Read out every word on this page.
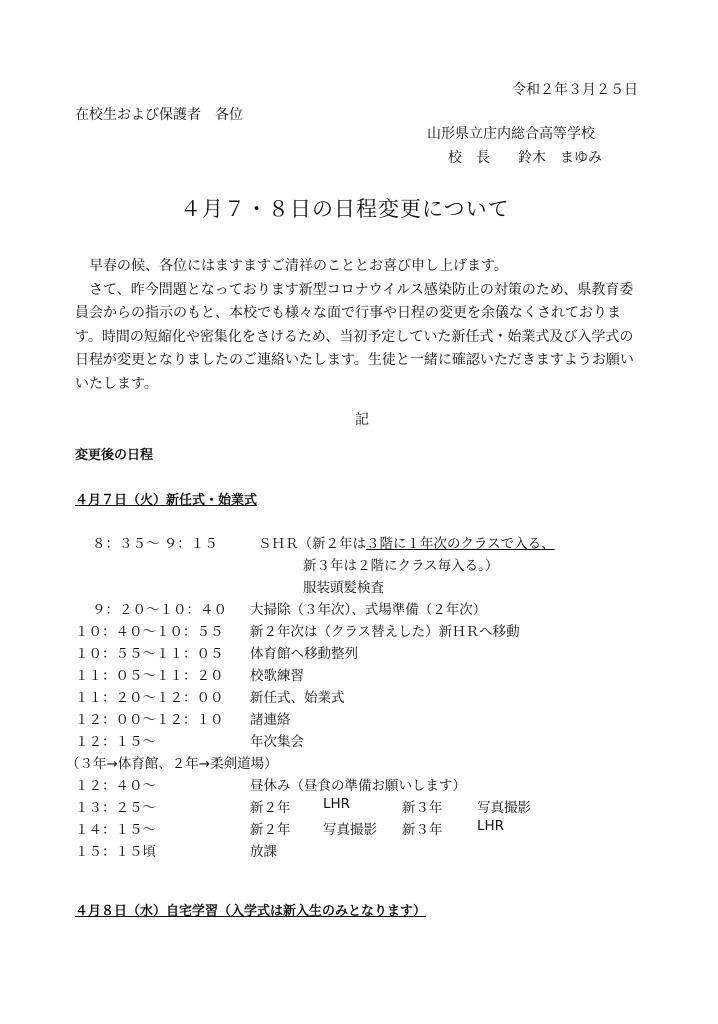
令和２年３月２５日
在校生および保護者　各位
山形県立庄内総合高等学校
校　長　　鈴木　まゆみ
４月７・８日の日程変更について

早春の候、各位にはますますご清祥のこととお喜び申し上げます。

さて、昨今問題となっております新型コロナウイルス感染防止の対策のため、県教育委員会からの指示のもと、本校でも様々な面で行事や日程の変更を余儀なくされております。時間の短縮化や密集化をさけるため、当初予定していた新任式・始業式及び入学式の日程が変更となりましたのご連絡いたします。生徒と一緒に確認いただきますようお願いいたします。

記
変更後の日程
４月７日（火）新任式・始業式
８：３５～ ９：１５	ＳＨＲ（新２年は３階に１年次のクラスで入る、
新３年は２階にクラス毎入る。）
服装頭髪検査
９：２０～１０：４０ 大掃除（３年次）、式場準備（２年次）
１０：４０～１０：５５ 新２年次は（クラス替えした）新ＨＲへ移動
１０：５５～１１：０５ 体育館へ移動整列
１１：０５～１１：２０ 校歌練習
１１：２０～１２：００ 新任式、始業式
１２：００～１２：１０ 諸連絡
１２：１５～	年次集会
（３年→体育館、２年→柔剣道場）
１２：４０～	昼休み（昼食の準備お願いします）
１３：２５～	新２年 LHR	新３年	写真撮影
１４：１５～	新２年 写真撮影 新３年	LHR
１５：１５頃	放課
４月８日（水）自宅学習（入学式は新入生のみとなります）
